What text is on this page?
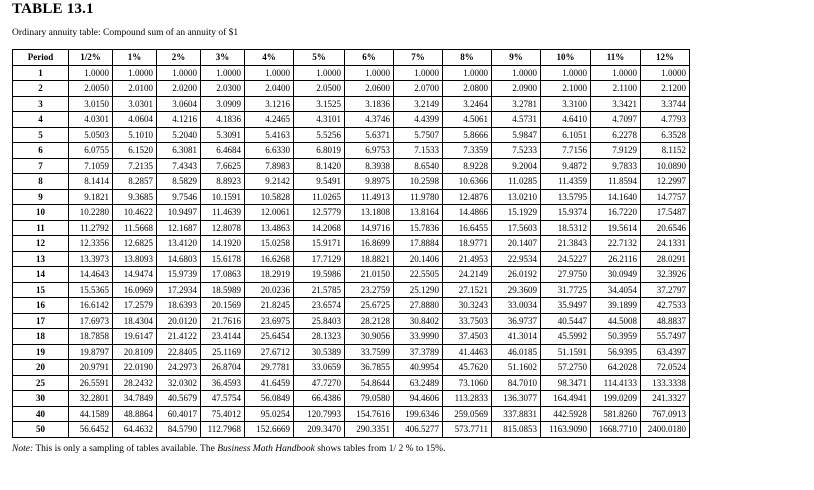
TABLE 13.1
Ordinary annuity table: Compound sum of an annuity of $1
Period	1/2%	1%	2%	3%	4%	5%	6%	7%	8%	9%	10%	11%	12%
1	1.0000	1.0000	1.0000	1.0000	1.0000	1.0000	1.0000	1.0000	1.0000	1.0000	1.0000	1.0000	1.0000
2	2.0050	2.0100	2.0200	2.0300	2.0400	2.0500	2.0600	2.0700	2.0800	2.0900	2.1000	2.1100	2.1200
3	3.0150	3.0301	3.0604	3.0909	3.1216	3.1525	3.1836	3.2149	3.2464	3.2781	3.3100	3.3421	3.3744
4	4.0301	4.0604	4.1216	4.1836	4.2465	4.3101	4.3746	4.4399	4.5061	4.5731	4.6410	4.7097	4.7793
5	5.0503	5.1010	5.2040	5.3091	5.4163	5.5256	5.6371	5.7507	5.8666	5.9847	6.1051	6.2278	6.3528
6	6.0755	6.1520	6.3081	6.4684	6.6330	6.8019	6.9753	7.1533	7.3359	7.5233	7.7156	7.9129	8.1152
7	7.1059	7.2135	7.4343	7.6625	7.8983	8.1420	8.3938	8.6540	8.9228	9.2004	9.4872	9.7833	10.0890
8	8.1414	8.2857	8.5829	8.8923	9.2142	9.5491	9.8975	10.2598	10.6366	11.0285	11.4359	11.8594	12.2997
9	9.1821	9.3685	9.7546	10.1591	10.5828	11.0265	11.4913	11.9780	12.4876	13.0210	13.5795	14.1640	14.7757
10	10.2280	10.4622	10.9497	11.4639	12.0061	12.5779	13.1808	13.8164	14.4866	15.1929	15.9374	16.7220	17.5487
11	11.2792	11.5668	12.1687	12.8078	13.4863	14.2068	14.9716	15.7836	16.6455	17.5603	18.5312	19.5614	20.6546
12	12.3356	12.6825	13.4120	14.1920	15.0258	15.9171	16.8699	17.8884	18.9771	20.1407	21.3843	22.7132	24.1331
13	13.3973	13.8093	14.6803	15.6178	16.6268	17.7129	18.8821	20.1406	21.4953	22.9534	24.5227	26.2116	28.0291
14	14.4643	14.9474	15.9739	17.0863	18.2919	19.5986	21.0150	22.5505	24.2149	26.0192	27.9750	30.0949	32.3926
15	15.5365	16.0969	17.2934	18.5989	20.0236	21.5785	23.2759	25.1290	27.1521	29.3609	31.7725	34.4054	37.2797
16	16.6142	17.2579	18.6393	20.1569	21.8245	23.6574	25.6725	27.8880	30.3243	33.0034	35.9497	39.1899	42.7533
17	17.6973	18.4304	20.0120	21.7616	23.6975	25.8403	28.2128	30.8402	33.7503	36.9737	40.5447	44.5008	48.8837
18	18.7858	19.6147	21.4122	23.4144	25.6454	28.1323	30.9056	33.9990	37.4503	41.3014	45.5992	50.3959	55.7497
19	19.8797	20.8109	22.8405	25.1169	27.6712	30.5389	33.7599	37.3789	41.4463	46.0185	51.1591	56.9395	63.4397
20	20.9791	22.0190	24.2973	26.8704	29.7781	33.0659	36.7855	40.9954	45.7620	51.1602	57.2750	64.2028	72.0524
25	26.5591	28.2432	32.0302	36.4593	41.6459	47.7270	54.8644	63.2489	73.1060	84.7010	98.3471	114.4133	133.3338
30	32.2801	34.7849	40.5679	47.5754	56.0849	66.4386	79.0580	94.4606	113.2833	136.3077	164.4941	199.0209	241.3327
40	44.1589	48.8864	60.4017	75.4012	95.0254	120.7993	154.7616	199.6346	259.0569	337.8831	442.5928	581.8260	767.0913
50	56.6452	64.4632	84.5790	112.7968	152.6669	209.3470	290.3351	406.5277	573.7711	815.0853	1163.9090	1668.7710	2400.0180
Note: This is only a sampling of tables available. The Business Math Handbook shows tables from 1/ 2 % to 15%.
